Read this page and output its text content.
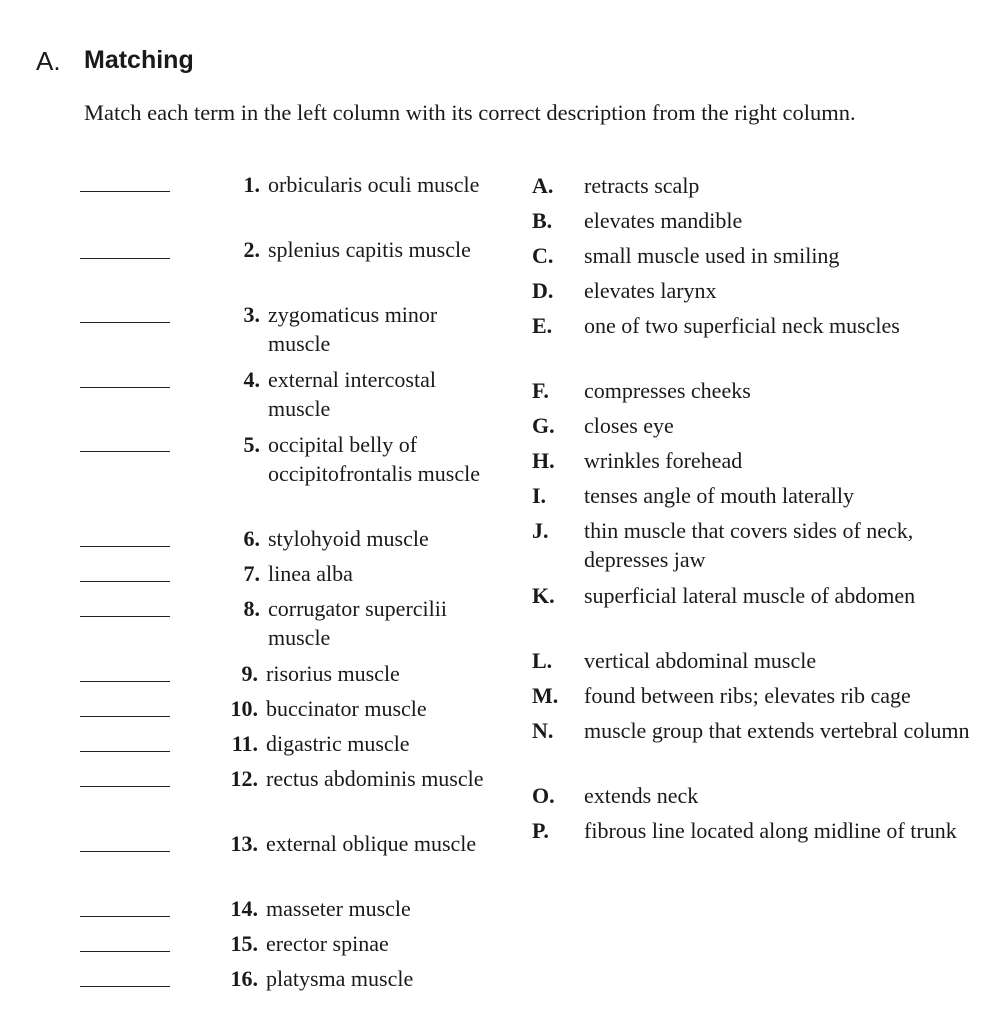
A. Matching
Match each term in the left column with its correct description from the right column.
1. orbicularis oculi muscle
2. splenius capitis muscle
3. zygomaticus minor muscle
4. external intercostal muscle
5. occipital belly of occipitofrontalis muscle
6. stylohyoid muscle
7. linea alba
8. corrugator supercilii muscle
9. risorius muscle
10. buccinator muscle
11. digastric muscle
12. rectus abdominis muscle
13. external oblique muscle
14. masseter muscle
15. erector spinae
16. platysma muscle
A. retracts scalp
B. elevates mandible
C. small muscle used in smiling
D. elevates larynx
E. one of two superficial neck muscles
F. compresses cheeks
G. closes eye
H. wrinkles forehead
I. tenses angle of mouth laterally
J. thin muscle that covers sides of neck, depresses jaw
K. superficial lateral muscle of abdomen
L. vertical abdominal muscle
M. found between ribs; elevates rib cage
N. muscle group that extends vertebral column
O. extends neck
P. fibrous line located along midline of trunk
